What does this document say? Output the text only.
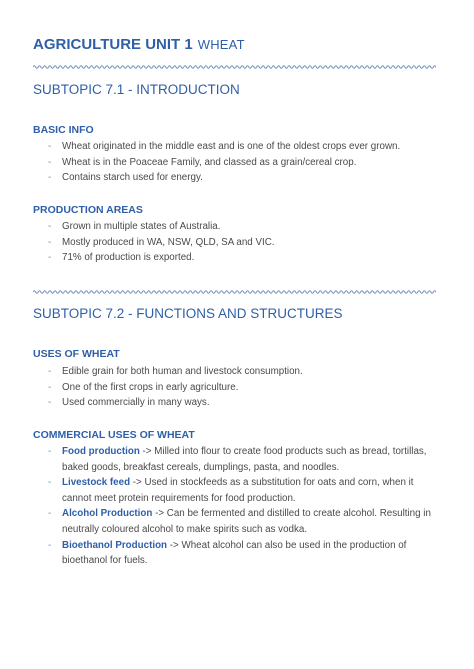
AGRICULTURE UNIT 1 WHEAT
SUBTOPIC 7.1 - INTRODUCTION
BASIC INFO
- Wheat originated in the middle east and is one of the oldest crops ever grown.
- Wheat is in the Poaceae Family, and classed as a grain/cereal crop.
- Contains starch used for energy.
PRODUCTION AREAS
- Grown in multiple states of Australia.
- Mostly produced in WA, NSW, QLD, SA and VIC.
- 71% of production is exported.
SUBTOPIC 7.2 - FUNCTIONS AND STRUCTURES
USES OF WHEAT
- Edible grain for both human and livestock consumption.
- One of the first crops in early agriculture.
- Used commercially in many ways.
COMMERCIAL USES OF WHEAT
- Food production -> Milled into flour to create food products such as bread, tortillas, baked goods, breakfast cereals, dumplings, pasta, and noodles.
- Livestock feed -> Used in stockfeeds as a substitution for oats and corn, when it cannot meet protein requirements for food production.
- Alcohol Production -> Can be fermented and distilled to create alcohol. Resulting in neutrally coloured alcohol to make spirits such as vodka.
- Bioethanol Production -> Wheat alcohol can also be used in the production of bioethanol for fuels.
